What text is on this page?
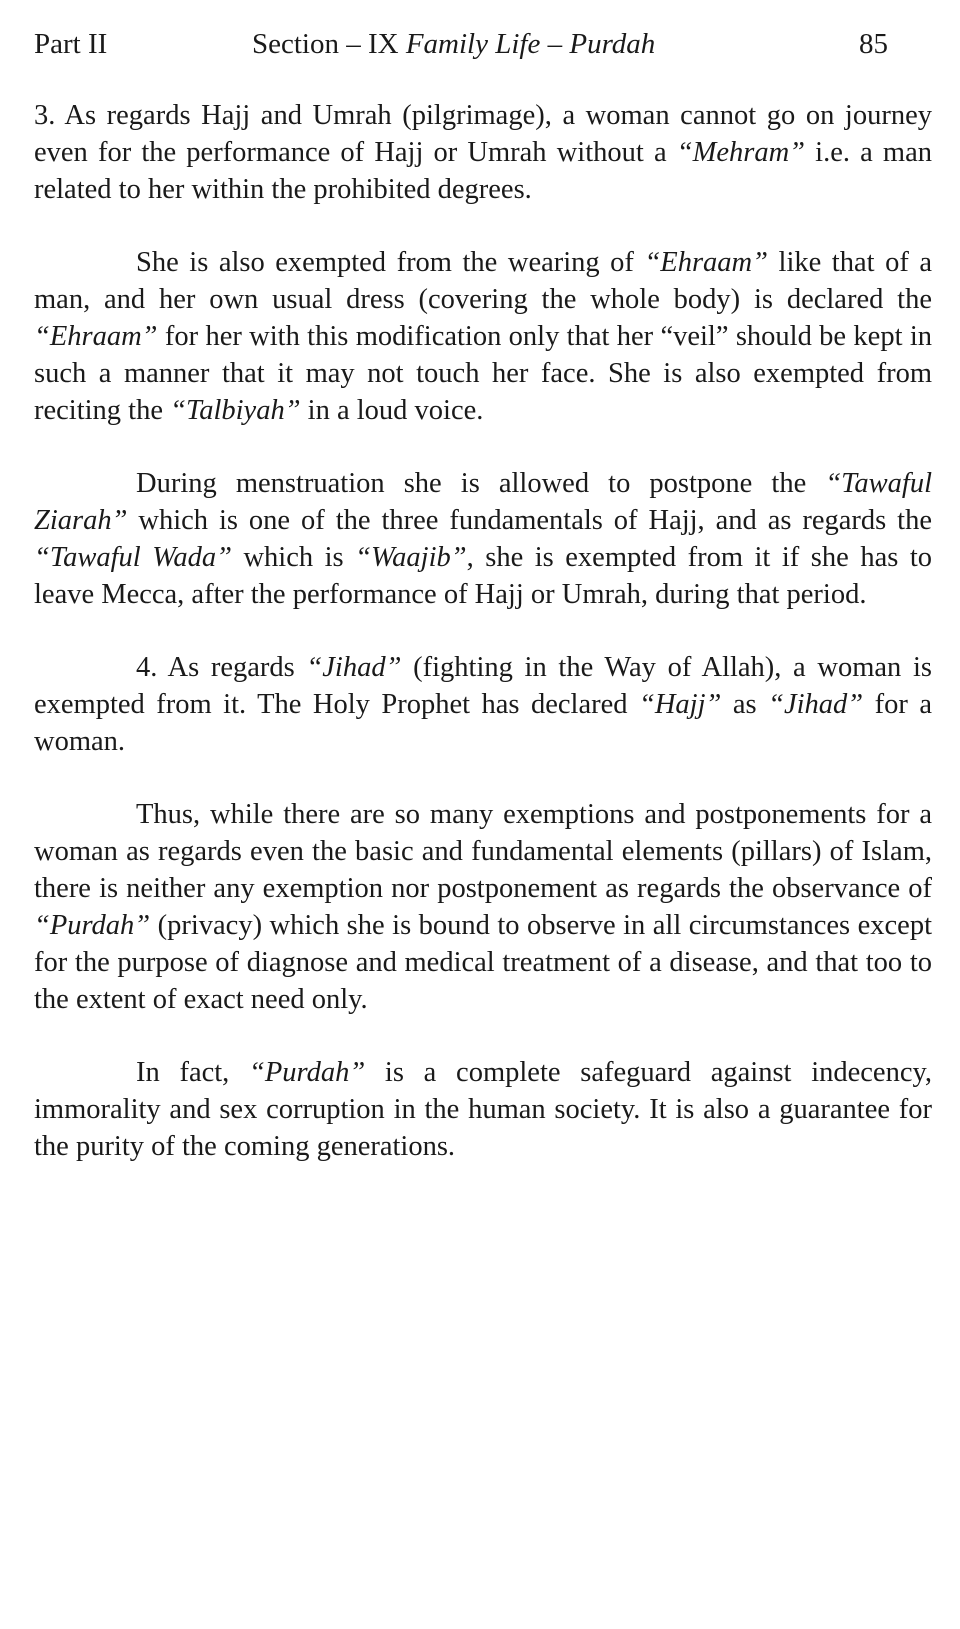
Part II	Section – IX Family Life – Purdah	85

3. As regards Hajj and Umrah (pilgrimage), a woman cannot go on journey even for the performance of Hajj or Umrah without a “Mehram” i.e. a man related to her within the prohibited degrees.

She is also exempted from the wearing of “Ehraam” like that of a man, and her own usual dress (covering the whole body) is declared the “Ehraam” for her with this modification only that her “veil” should be kept in such a manner that it may not touch her face. She is also exempted from reciting the “Talbiyah” in a loud voice.

During menstruation she is allowed to postpone the “Tawaful Ziarah” which is one of the three fundamentals of Hajj, and as regards the “Tawaful Wada” which is “Waajib”, she is exempted from it if she has to leave Mecca, after the performance of Hajj or Umrah, during that period.

4. As regards “Jihad” (fighting in the Way of Allah), a woman is exempted from it. The Holy Prophet has declared “Hajj” as “Jihad” for a woman.

Thus, while there are so many exemptions and postponements for a woman as regards even the basic and fundamental elements (pillars) of Islam, there is neither any exemption nor postponement as regards the observance of “Purdah” (privacy) which she is bound to observe in all circumstances except for the purpose of diagnose and medical treatment of a disease, and that too to the extent of exact need only.

In fact, “Purdah” is a complete safeguard against indecency, immorality and sex corruption in the human society. It is also a guarantee for the purity of the coming generations.
